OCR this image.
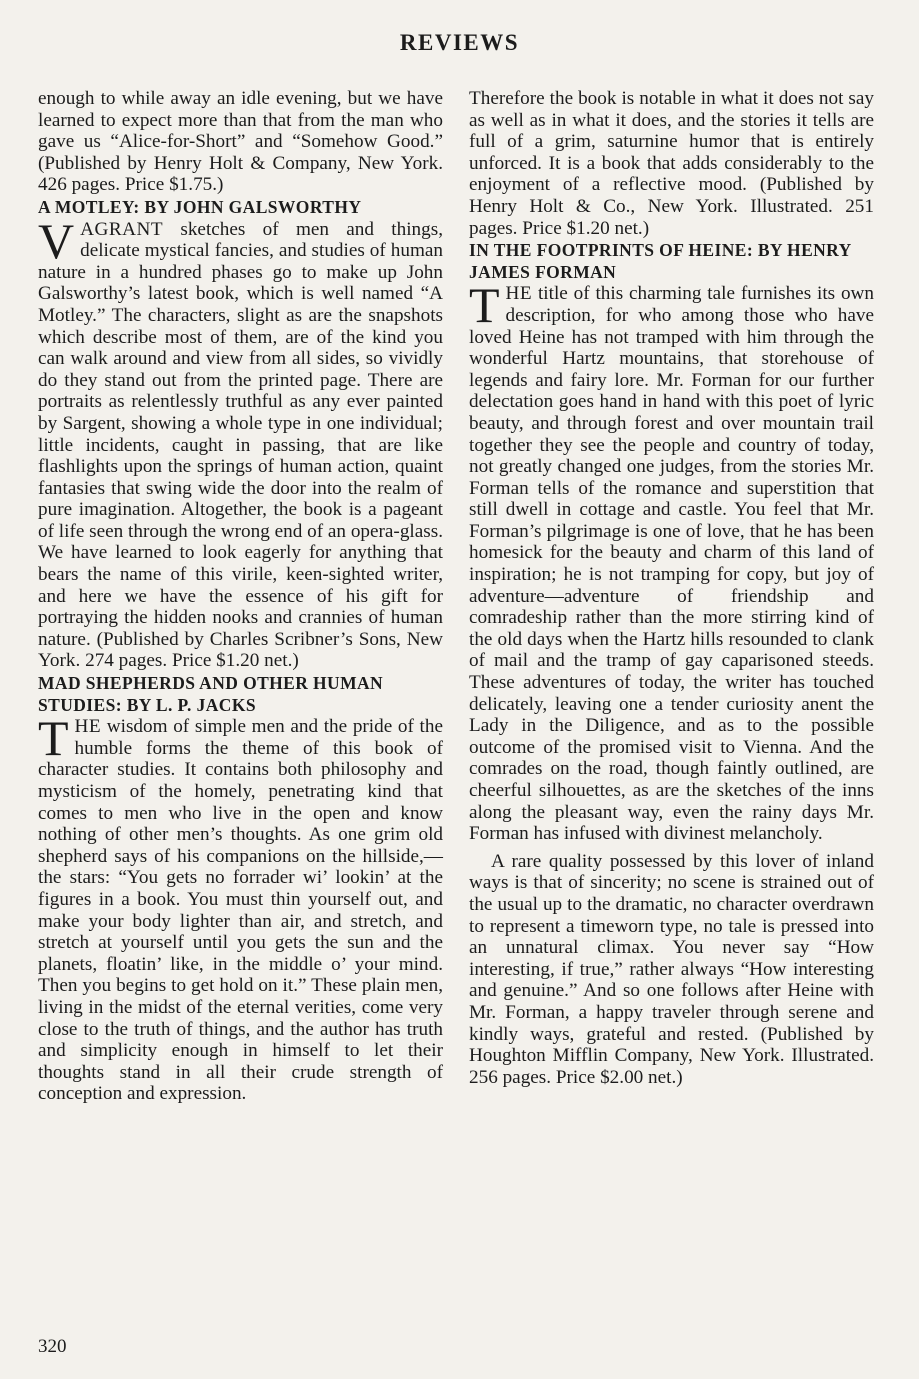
REVIEWS

enough to while away an idle evening, but we have learned to expect more than that from the man who gave us “Alice-for-Short” and “Somehow Good.” (Published by Henry Holt & Company, New York. 426 pages. Price $1.75.)

A MOTLEY: BY JOHN GALSWORTHY

VAGRANT sketches of men and things, delicate mystical fancies, and studies of human nature in a hundred phases go to make up John Galsworthy’s latest book, which is well named “A Motley.” The characters, slight as are the snapshots which describe most of them, are of the kind you can walk around and view from all sides, so vividly do they stand out from the printed page. There are portraits as relentlessly truthful as any ever painted by Sargent, showing a whole type in one individual; little incidents, caught in passing, that are like flashlights upon the springs of human action, quaint fantasies that swing wide the door into the realm of pure imagination. Altogether, the book is a pageant of life seen through the wrong end of an opera-glass. We have learned to look eagerly for anything that bears the name of this virile, keen-sighted writer, and here we have the essence of his gift for portraying the hidden nooks and crannies of human nature. (Published by Charles Scribner’s Sons, New York. 274 pages. Price $1.20 net.)

MAD SHEPHERDS AND OTHER HUMAN STUDIES: BY L. P. JACKS

THE wisdom of simple men and the pride of the humble forms the theme of this book of character studies. It contains both philosophy and mysticism of the homely, penetrating kind that comes to men who live in the open and know nothing of other men’s thoughts. As one grim old shepherd says of his companions on the hillside,—the stars: “You gets no forrader wi’ lookin’ at the figures in a book. You must thin yourself out, and make your body lighter than air, and stretch, and stretch at yourself until you gets the sun and the planets, floatin’ like, in the middle o’ your mind. Then you begins to get hold on it.” These plain men, living in the midst of the eternal verities, come very close to the truth of things, and the author has truth and simplicity enough in himself to let their thoughts stand in all their crude strength of conception and expression.

Therefore the book is notable in what it does not say as well as in what it does, and the stories it tells are full of a grim, saturnine humor that is entirely unforced. It is a book that adds considerably to the enjoyment of a reflective mood. (Published by Henry Holt & Co., New York. Illustrated. 251 pages. Price $1.20 net.)

IN THE FOOTPRINTS OF HEINE: BY HENRY JAMES FORMAN

THE title of this charming tale furnishes its own description, for who among those who have loved Heine has not tramped with him through the wonderful Hartz mountains, that storehouse of legends and fairy lore. Mr. Forman for our further delectation goes hand in hand with this poet of lyric beauty, and through forest and over mountain trail together they see the people and country of today, not greatly changed one judges, from the stories Mr. Forman tells of the romance and superstition that still dwell in cottage and castle. You feel that Mr. Forman’s pilgrimage is one of love, that he has been homesick for the beauty and charm of this land of inspiration; he is not tramping for copy, but joy of adventure—adventure of friendship and comradeship rather than the more stirring kind of the old days when the Hartz hills resounded to clank of mail and the tramp of gay caparisoned steeds. These adventures of today, the writer has touched delicately, leaving one a tender curiosity anent the Lady in the Diligence, and as to the possible outcome of the promised visit to Vienna. And the comrades on the road, though faintly outlined, are cheerful silhouettes, as are the sketches of the inns along the pleasant way, even the rainy days Mr. Forman has infused with divinest melancholy.

A rare quality possessed by this lover of inland ways is that of sincerity; no scene is strained out of the usual up to the dramatic, no character overdrawn to represent a timeworn type, no tale is pressed into an unnatural climax. You never say “How interesting, if true,” rather always “How interesting and genuine.” And so one follows after Heine with Mr. Forman, a happy traveler through serene and kindly ways, grateful and rested. (Published by Houghton Mifflin Company, New York. Illustrated. 256 pages. Price $2.00 net.)

320
